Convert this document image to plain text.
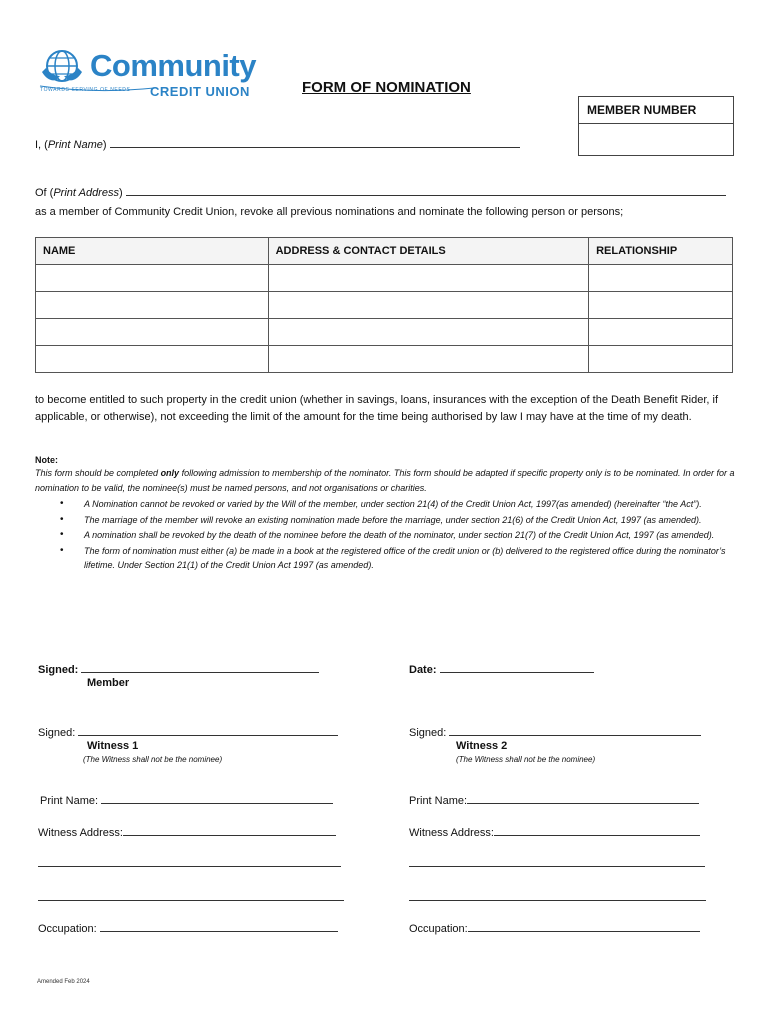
Community
CREDIT UNION
TOWARDS SERVING OF NEEDS	FORM OF NOMINATION
MEMBER NUMBER
I, (Print Name)
Of (Print Address)
as a member of Community Credit Union, revoke all previous nominations and nominate the following person or persons;
NAME	ADDRESS & CONTACT DETAILS	RELATIONSHIP

to become entitled to such property in the credit union (whether in savings, loans, insurances with the exception of the Death Benefit Rider, if applicable, or otherwise), not exceeding the limit of the amount for the time being authorised by law I may have at the time of my death.
Note:
This form should be completed only following admission to membership of the nominator. This form should be adapted if specific property only is to be nominated. In order for a nomination to be valid, the nominee(s) must be named persons, and not organisations or charities.
• A Nomination cannot be revoked or varied by the Will of the member, under section 21(4) of the Credit Union Act, 1997(as amended) (hereinafter “the Act”).
• The marriage of the member will revoke an existing nomination made before the marriage, under section 21(6) of the Credit Union Act, 1997 (as amended).
• A nomination shall be revoked by the death of the nominee before the death of the nominator, under section 21(7) of the Credit Union Act, 1997 (as amended).
• The form of nomination must either (a) be made in a book at the registered office of the credit union or (b) delivered to the registered office during the nominator’s lifetime. Under Section 21(1) of the Credit Union Act 1997 (as amended).
Signed:
Member
Date:
Signed:
Witness 1
(The Witness shall not be the nominee)
Signed:
Witness 2
(The Witness shall not be the nominee)
Print Name:	Print Name:
Witness Address:	Witness Address:
Occupation:	Occupation:
Amended Feb 2024
